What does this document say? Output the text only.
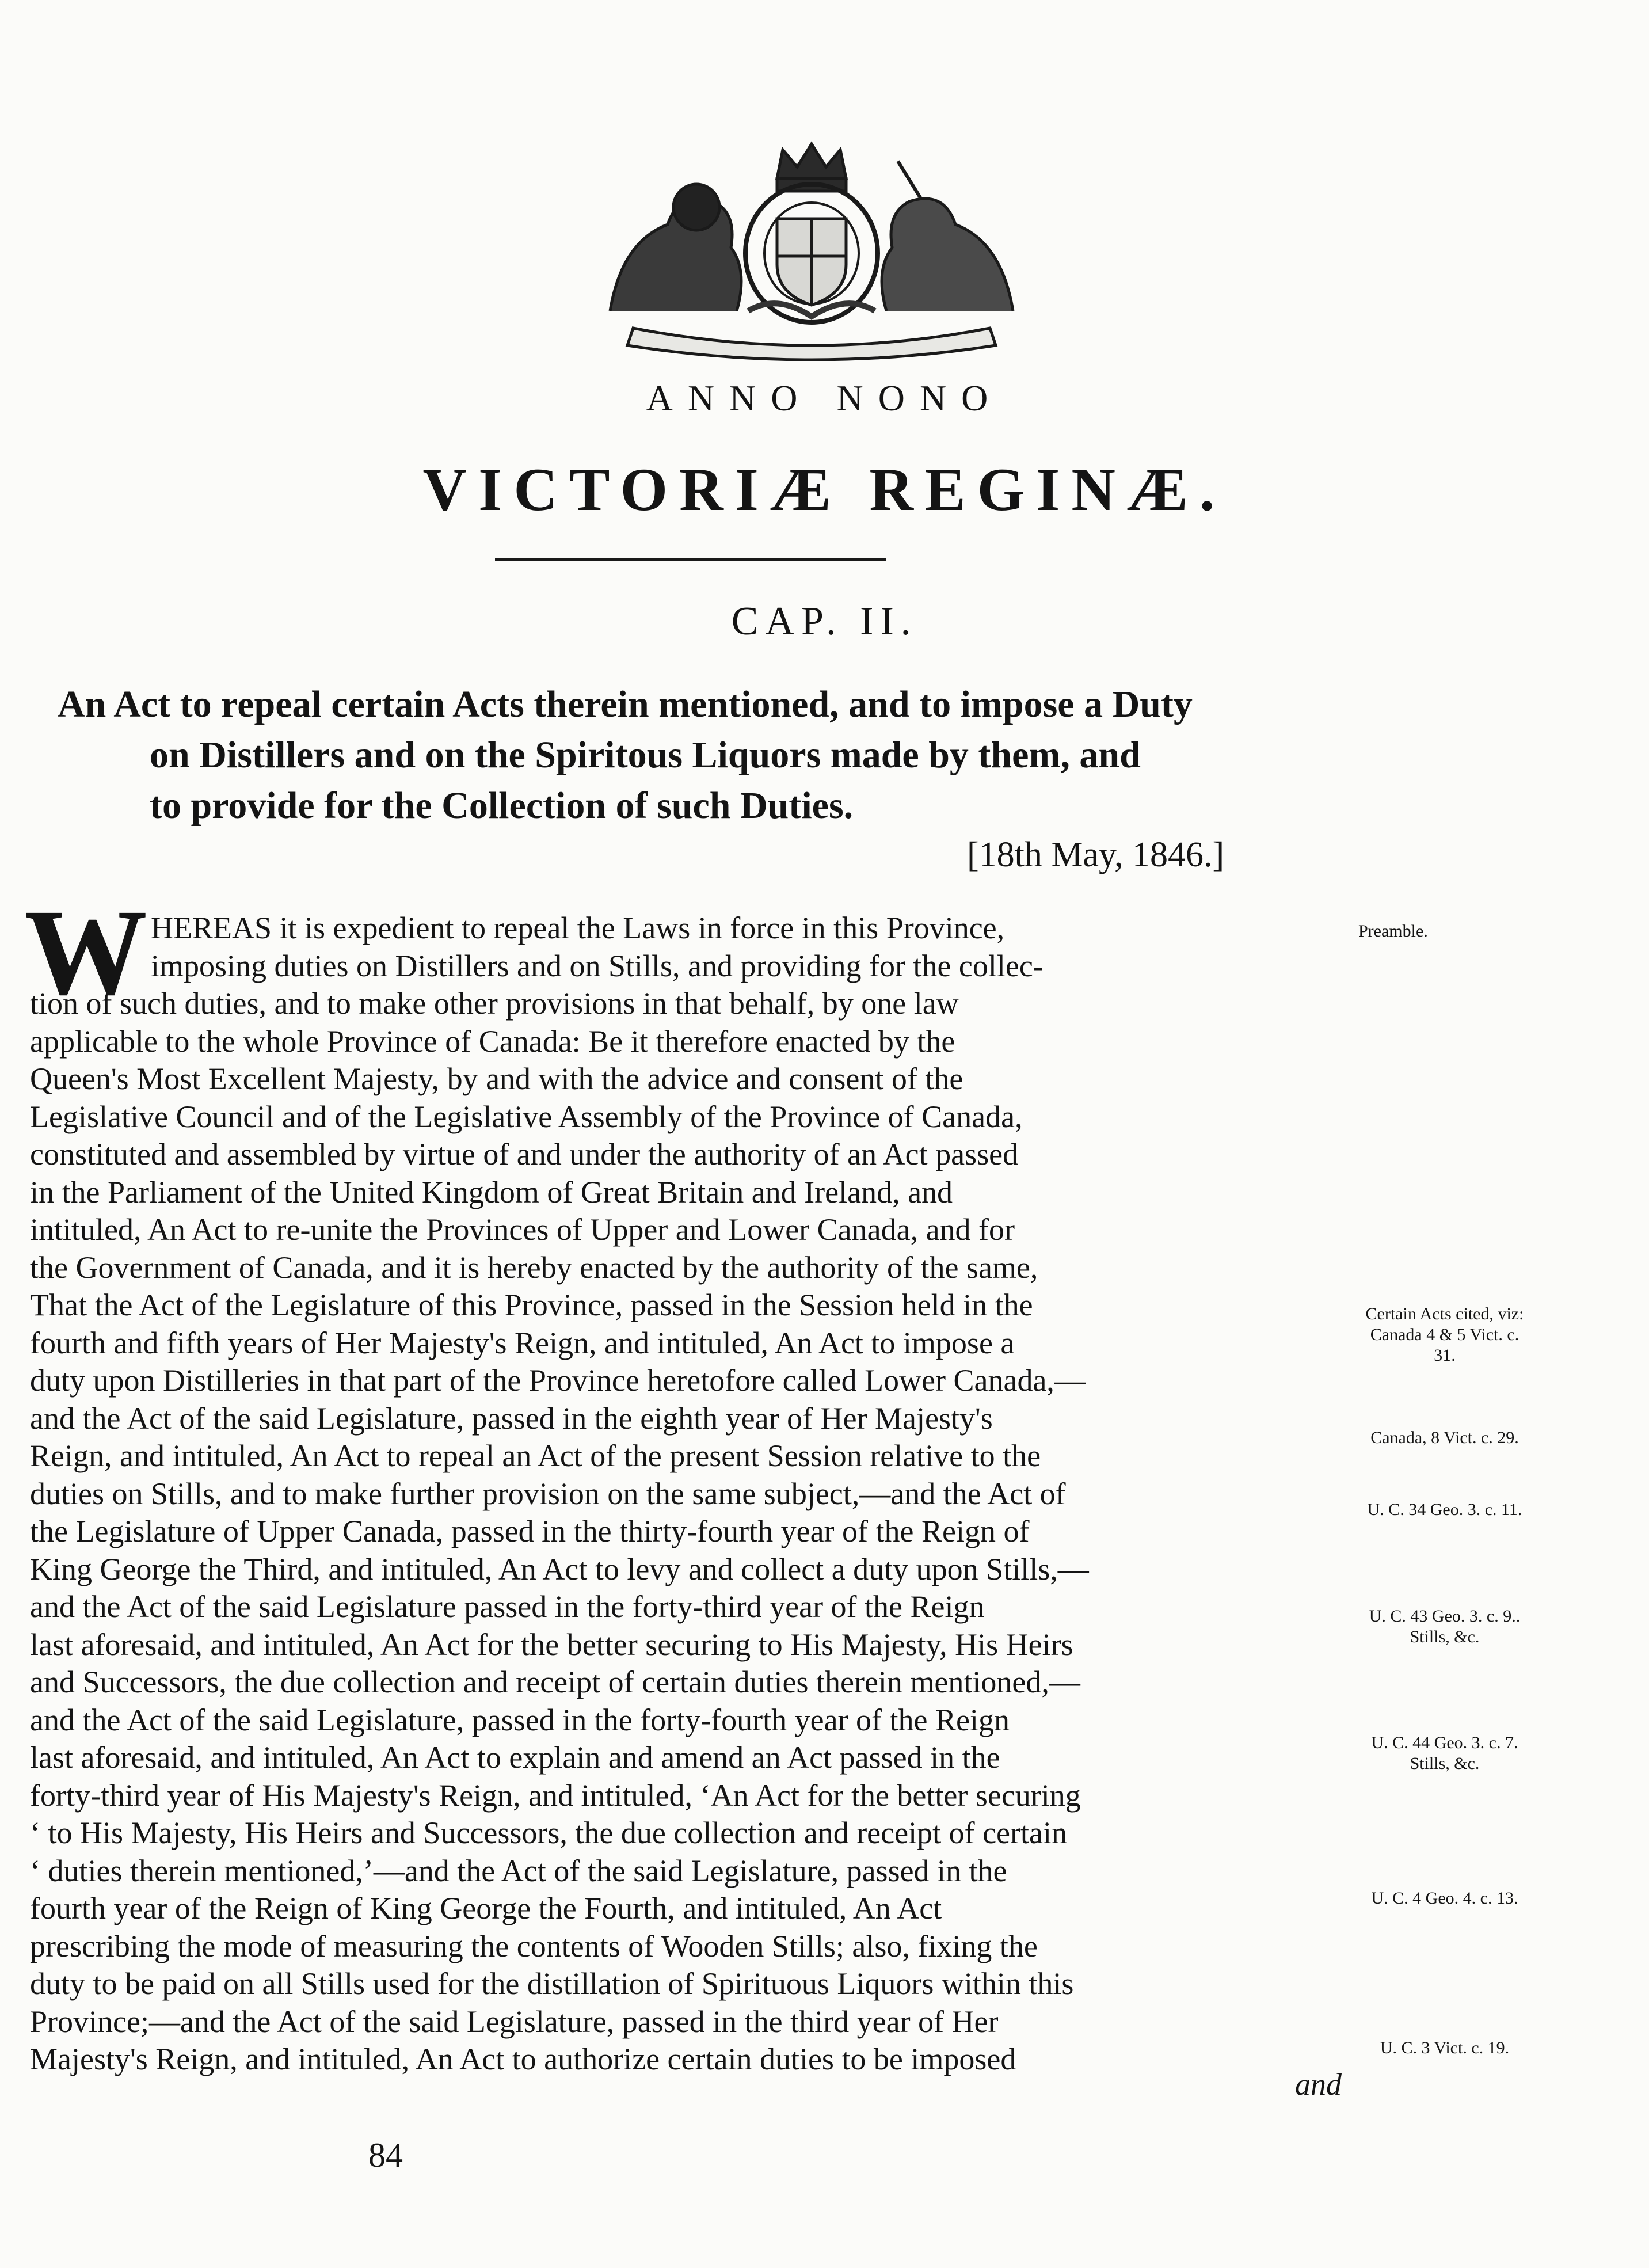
ANNO NONO
VICTORIÆ REGINÆ.
CAP. II.
An Act to repeal certain Acts therein mentioned, and to impose a Duty
on Distillers and on the Spiritous Liquors made by them, and
to provide for the Collection of such Duties.
[18th May, 1846.]
W HEREAS it is expedient to repeal the Laws in force in this Province,
imposing duties on Distillers and on Stills, and providing for the collec-
tion of such duties, and to make other provisions in that behalf, by one law
applicable to the whole Province of Canada: Be it therefore enacted by the
Queen's Most Excellent Majesty, by and with the advice and consent of the
Legislative Council and of the Legislative Assembly of the Province of Canada,
constituted and assembled by virtue of and under the authority of an Act passed
in the Parliament of the United Kingdom of Great Britain and Ireland, and
intituled, An Act to re-unite the Provinces of Upper and Lower Canada, and for
the Government of Canada, and it is hereby enacted by the authority of the same,
That the Act of the Legislature of this Province, passed in the Session held in the
fourth and fifth years of Her Majesty's Reign, and intituled, An Act to impose a
duty upon Distilleries in that part of the Province heretofore called Lower Canada,—
and the Act of the said Legislature, passed in the eighth year of Her Majesty's
Reign, and intituled, An Act to repeal an Act of the present Session relative to the
duties on Stills, and to make further provision on the same subject,—and the Act of
the Legislature of Upper Canada, passed in the thirty-fourth year of the Reign of
King George the Third, and intituled, An Act to levy and collect a duty upon Stills,—
and the Act of the said Legislature passed in the forty-third year of the Reign
last aforesaid, and intituled, An Act for the better securing to His Majesty, His Heirs
and Successors, the due collection and receipt of certain duties therein mentioned,—
and the Act of the said Legislature, passed in the forty-fourth year of the Reign
last aforesaid, and intituled, An Act to explain and amend an Act passed in the
forty-third year of His Majesty's Reign, and intituled, ‘An Act for the better securing
‘ to His Majesty, His Heirs and Successors, the due collection and receipt of certain
‘ duties therein mentioned,’—and the Act of the said Legislature, passed in the
fourth year of the Reign of King George the Fourth, and intituled, An Act
prescribing the mode of measuring the contents of Wooden Stills; also, fixing the
duty to be paid on all Stills used for the distillation of Spirituous Liquors within this
Province;—and the Act of the said Legislature, passed in the third year of Her
Majesty's Reign, and intituled, An Act to authorize certain duties to be imposed
and
Preamble.
Certain Acts cited, viz: Canada 4 & 5 Vict. c. 31.
Canada, 8 Vict. c. 29.
U. C. 34 Geo. 3. c. 11.
U. C. 43 Geo. 3. c. 9.. Stills, &c.
U. C. 44 Geo. 3. c. 7. Stills, &c.
U. C. 4 Geo. 4. c. 13.
U. C. 3 Vict. c. 19.
84
